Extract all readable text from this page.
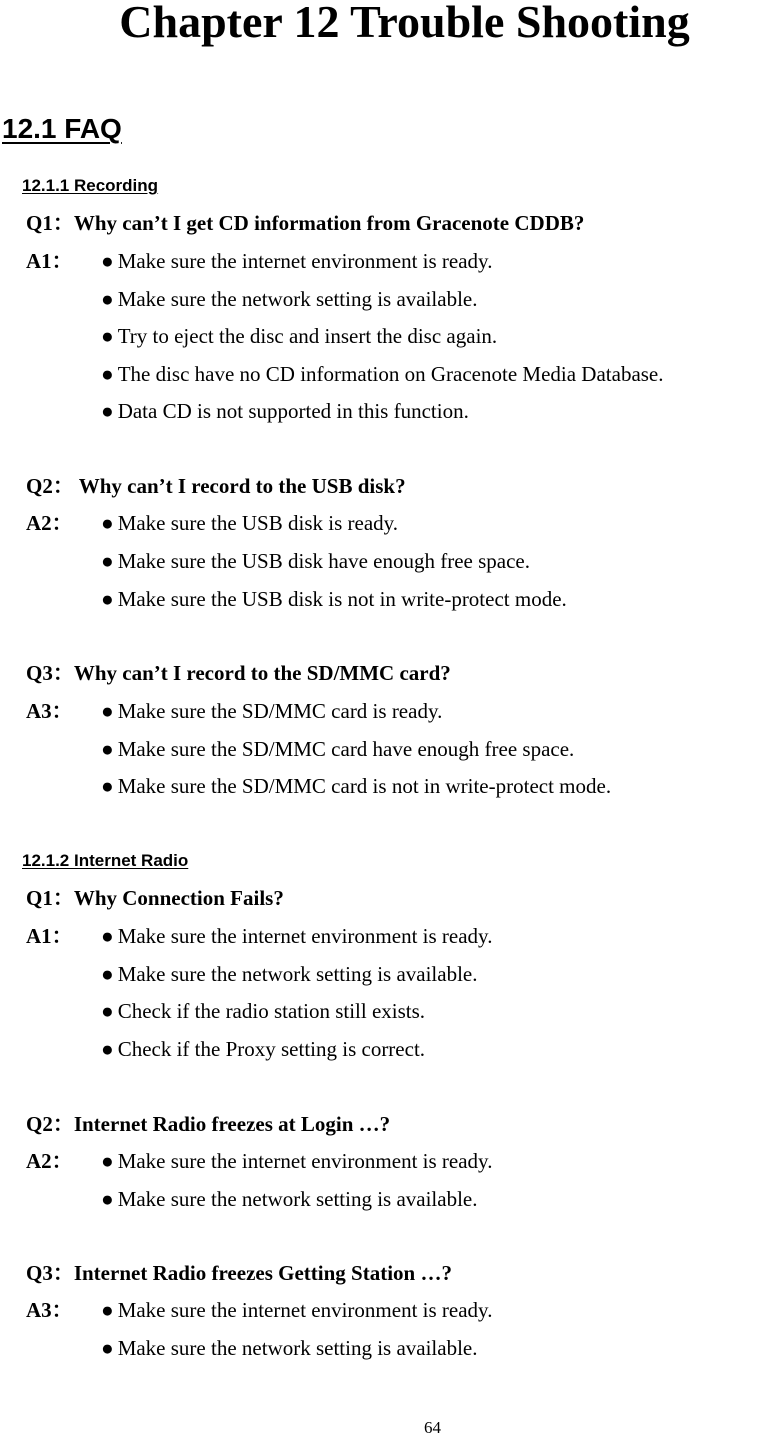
Chapter 12 Trouble Shooting
12.1 FAQ
12.1.1 Recording
Q1：Why can’t I get CD information from Gracenote CDDB?
A1： ● Make sure the internet environment is ready.
● Make sure the network setting is available.
● Try to eject the disc and insert the disc again.
● The disc have no CD information on Gracenote Media Database.
● Data CD is not supported in this function.
Q2： Why can’t I record to the USB disk?
A2： ● Make sure the USB disk is ready.
● Make sure the USB disk have enough free space.
● Make sure the USB disk is not in write-protect mode.
Q3：Why can’t I record to the SD/MMC card?
A3： ● Make sure the SD/MMC card is ready.
● Make sure the SD/MMC card have enough free space.
● Make sure the SD/MMC card is not in write-protect mode.
12.1.2 Internet Radio
Q1：Why Connection Fails?
A1： ● Make sure the internet environment is ready.
● Make sure the network setting is available.
● Check if the radio station still exists.
● Check if the Proxy setting is correct.
Q2：Internet Radio freezes at Login …?
A2： ● Make sure the internet environment is ready.
● Make sure the network setting is available.
Q3：Internet Radio freezes Getting Station …?
A3： ● Make sure the internet environment is ready.
● Make sure the network setting is available.
64
